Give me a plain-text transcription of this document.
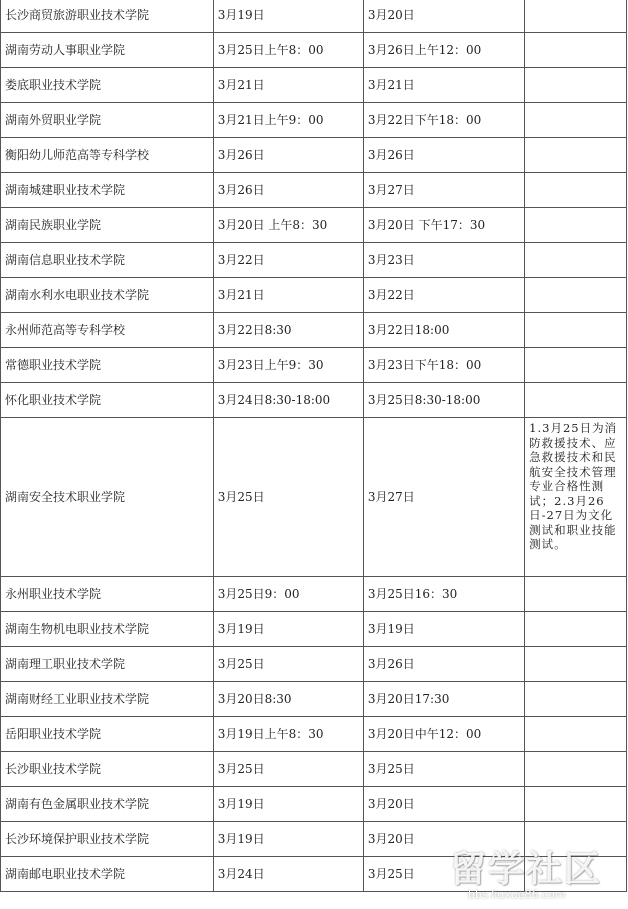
长沙商贸旅游职业技术学院	3月19日	3月20日	
湖南劳动人事职业学院	3月25日上午8：00	3月26日上午12：00	
娄底职业技术学院	3月21日	3月21日	
湖南外贸职业学院	3月21日上午9：00	3月22日下午18：00	
衡阳幼儿师范高等专科学校	3月26日	3月26日	
湖南城建职业技术学院	3月26日	3月27日	
湖南民族职业学院	3月20日 上午8：30	3月20日 下午17：30	
湖南信息职业技术学院	3月22日	3月23日	
湖南水利水电职业技术学院	3月21日	3月22日	
永州师范高等专科学校	3月22日8:30	3月22日18:00	
常德职业技术学院	3月23日上午9：30	3月23日下午18：00	
怀化职业技术学院	3月24日8:30-18:00	3月25日8:30-18:00	
湖南安全技术职业学院	3月25日	3月27日	1.3月25日为消防救援技术、应急救援技术和民航安全技术管理专业合格性测试；2.3月26日-27日为文化测试和职业技能测试。
永州职业技术学院	3月25日9：00	3月25日16：30	
湖南生物机电职业技术学院	3月19日	3月19日	
湖南理工职业技术学院	3月25日	3月26日	
湖南财经工业职业技术学院	3月20日8:30	3月20日17:30	
岳阳职业技术学院	3月19日上午8：30	3月20日中午12：00	
长沙职业技术学院	3月25日	3月25日	
湖南有色金属职业技术学院	3月19日	3月20日	
长沙环境保护职业技术学院	3月19日	3月20日	
湖南邮电职业技术学院	3月24日	3月25日	留学社区
bbs.liuxue86.com
